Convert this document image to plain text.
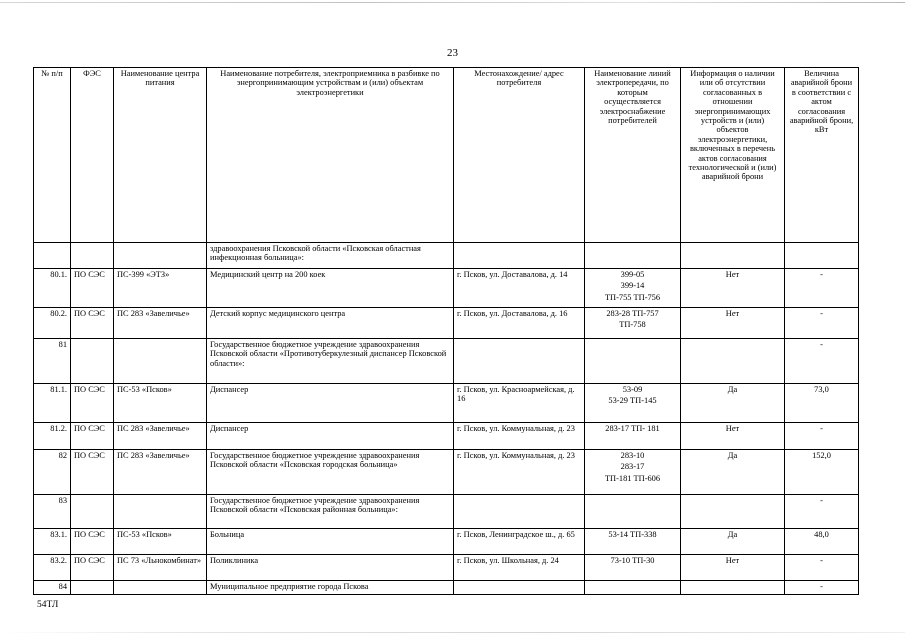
23
№ п/п	ФЭС	Наименование центра питания	Наименование потребителя, электроприемника в разбивке по энергопринимающим устройствам и (или) объектам электроэнергетики	Местонахождение/ адрес потребителя	Наименование линий электропередачи, по которым осуществляется электроснабжение потребителей	Информация о наличии или об отсутствии согласованных в отношении энергопринимающих устройств и (или) объектов электроэнергетики, включенных в перечень актов согласования технологической и (или) аварийной брони	Величина аварийной брони в соответствии с актом согласования аварийной брони, кВт
			здравоохранения Псковской области «Псковская областная инфекционная больница»:				
80.1.	ПО СЭС	ПС-399 «ЭТЗ»	Медицинский центр на 200 коек	г. Псков, ул. Доставалова, д. 14	399-05
399-14
ТП-755 ТП-756	Нет	-
80.2.	ПО СЭС	ПС 283 «Завеличье»	Детский корпус медицинского центра	г. Псков, ул. Доставалова, д. 16	283-28 ТП-757
ТП-758	Нет	-
81			Государственное бюджетное учреждение здравоохранения Псковской области «Противотуберкулезный диспансер Псковской области»:				-
81.1.	ПО СЭС	ПС-53 «Псков»	Диспансер	г. Псков, ул. Красноармейская, д. 16	53-09
53-29 ТП-145	Да	73,0
81.2.	ПО СЭС	ПС 283 «Завеличье»	Диспансер	г. Псков, ул. Коммунальная, д. 23	283-17 ТП- 181	Нет	-
82	ПО СЭС	ПС 283 «Завеличье»	Государственное бюджетное учреждение здравоохранения Псковской области «Псковская городская больница»	г. Псков, ул. Коммунальная, д. 23	283-10
283-17
ТП-181 ТП-606	Да	152,0
83			Государственное бюджетное учреждение здравоохранения Псковской области «Псковская районная больница»:				-
83.1.	ПО СЭС	ПС-53 «Псков»	Больница	г. Псков, Ленинградское ш., д. 65	53-14 ТП-338	Да	48,0
83.2.	ПО СЭС	ПС 73 «Льнокомбинат»	Поликлиника	г. Псков, ул. Школьная, д. 24	73-10 ТП-30	Нет	-
84			Муниципальное предприятие города Пскова				-
54ТЛ
